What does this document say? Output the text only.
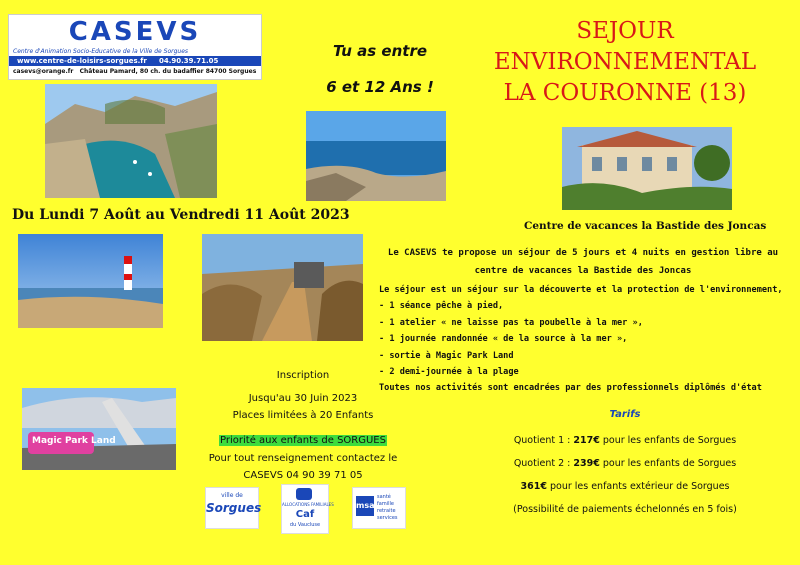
CASEVS
Centre d'Animation Socio-Educative de la Ville de Sorgues
www.centre-de-loisirs-sorgues.fr 04.90.39.71.05
casevs@orange.fr Château Pamard, 80 ch. du badaffier 84700 Sorgues
Tu as entre
6 et 12 Ans !
SEJOUR
ENVIRONNEMENTAL
LA COURONNE (13)
Du Lundi 7 Août au Vendredi 11 Août 2023
Centre de vacances la Bastide des Joncas
Le CASEVS te propose un séjour de 5 jours et 4 nuits en gestion libre au
centre de vacances la Bastide des Joncas
Le séjour est un séjour sur la découverte et la protection de l'environnement,
- 1 séance pêche à pied,
- 1 atelier « ne laisse pas ta poubelle à la mer »,
- 1 journée randonnée « de la source à la mer »,
- sortie à Magic Park Land
- 2 demi-journée à la plage
Toutes nos activités sont encadrées par des professionnels diplômés d'état
Magic Park Land
Inscription
Jusqu'au 30 Juin 2023
Places limitées à 20 Enfants
Priorité aux enfants de SORGUES
Pour tout renseignement contactez le
CASEVS 04 90 39 71 05
ville de
Sorgues	ALLOCATIONS FAMILIALES
Caf
du Vaucluse
msa
santé
famille
retraite
services
Tarifs
Quotient 1 : 217€ pour les enfants de Sorgues
Quotient 2 : 239€ pour les enfants de Sorgues
361€ pour les enfants extérieur de Sorgues
(Possibilité de paiements échelonnés en 5 fois)
